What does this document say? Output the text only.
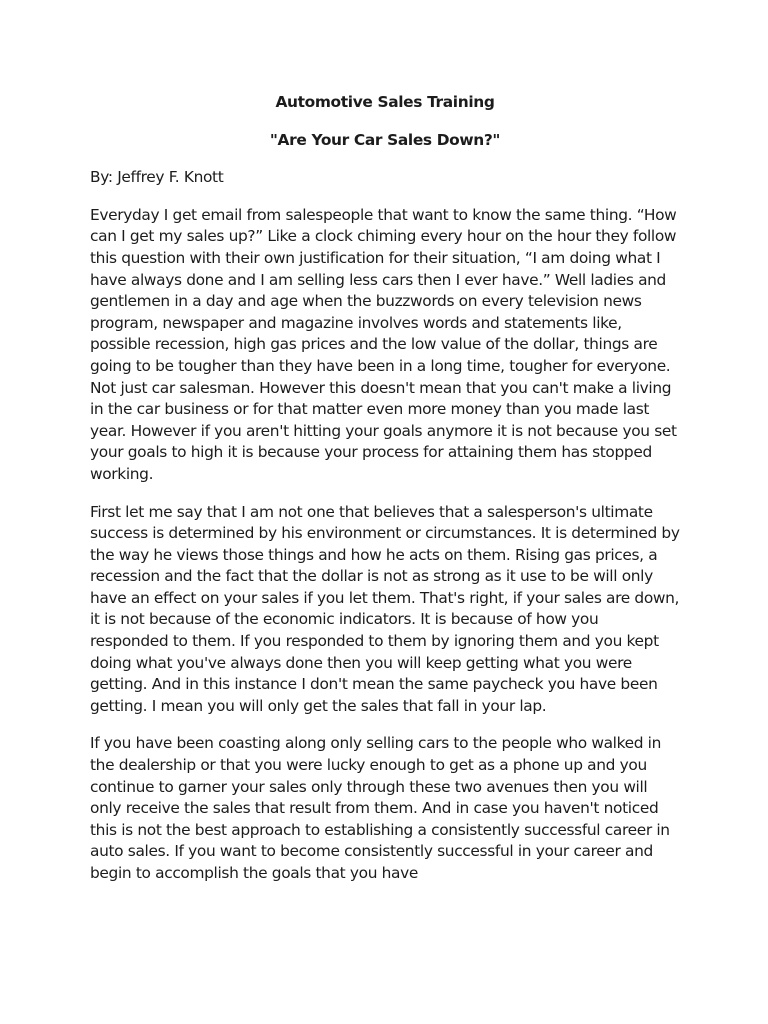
Automotive Sales Training
"Are Your Car Sales Down?"
By: Jeffrey F. Knott

Everyday I get email from salespeople that want to know the same thing. “How can I get my sales up?” Like a clock chiming every hour on the hour they follow this question with their own justification for their situation, “I am doing what I have always done and I am selling less cars then I ever have.” Well ladies and gentlemen in a day and age when the buzzwords on every television news program, newspaper and magazine involves words and statements like, possible recession, high gas prices and the low value of the dollar, things are going to be tougher than they have been in a long time, tougher for everyone. Not just car salesman. However this doesn't mean that you can't make a living in the car business or for that matter even more money than you made last year. However if you aren't hitting your goals anymore it is not because you set your goals to high it is because your process for attaining them has stopped working.

First let me say that I am not one that believes that a salesperson's ultimate success is determined by his environment or circumstances. It is determined by the way he views those things and how he acts on them. Rising gas prices, a recession and the fact that the dollar is not as strong as it use to be will only have an effect on your sales if you let them. That's right, if your sales are down, it is not because of the economic indicators. It is because of how you responded to them. If you responded to them by ignoring them and you kept doing what you've always done then you will keep getting what you were getting. And in this instance I don't mean the same paycheck you have been getting. I mean you will only get the sales that fall in your lap.

If you have been coasting along only selling cars to the people who walked in the dealership or that you were lucky enough to get as a phone up and you continue to garner your sales only through these two avenues then you will only receive the sales that result from them. And in case you haven't noticed this is not the best approach to establishing a consistently successful career in auto sales. If you want to become consistently successful in your career and begin to accomplish the goals that you have
